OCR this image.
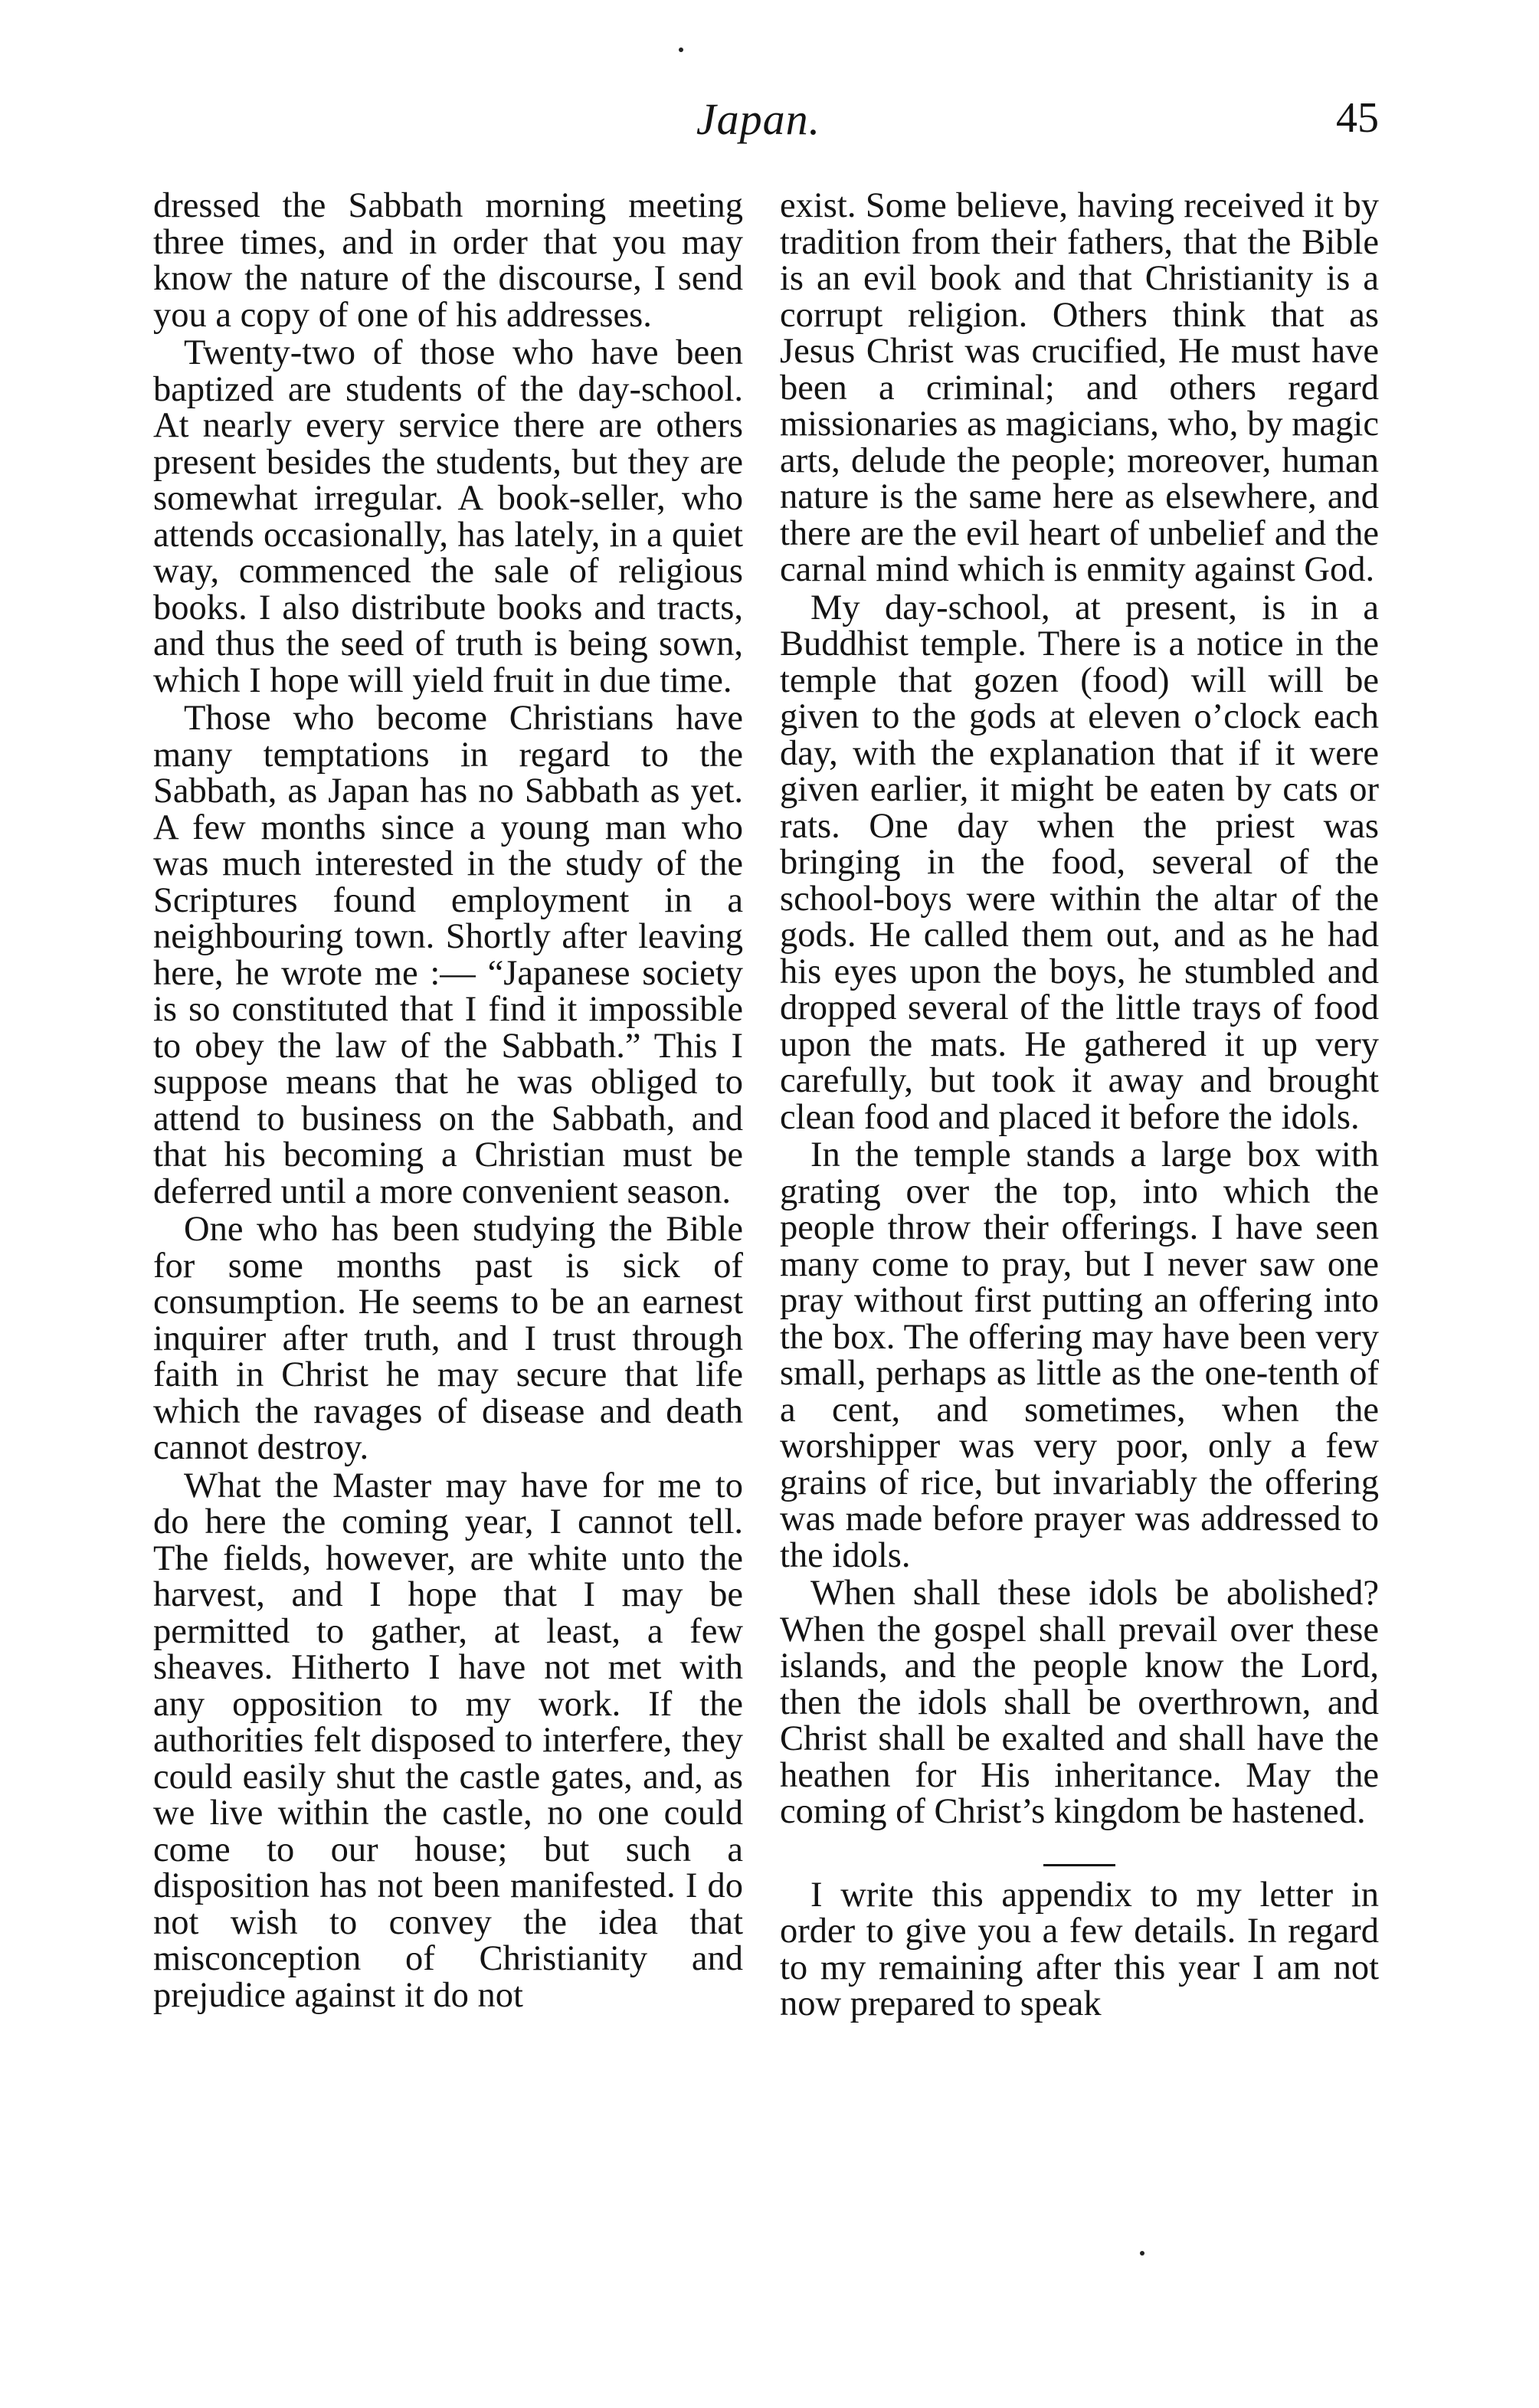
Japan.	45

dressed the Sabbath morning meeting three times, and in order that you may know the nature of the discourse, I send you a copy of one of his addresses.

Twenty-two of those who have been baptized are students of the day-school. At nearly every service there are others present besides the students, but they are somewhat irregular. A book-seller, who attends occasionally, has lately, in a quiet way, commenced the sale of religious books. I also distribute books and tracts, and thus the seed of truth is being sown, which I hope will yield fruit in due time.

Those who become Christians have many temptations in regard to the Sabbath, as Japan has no Sabbath as yet. A few months since a young man who was much interested in the study of the Scriptures found employment in a neighbouring town. Shortly after leaving here, he wrote me :— “Japanese society is so constituted that I find it impossible to obey the law of the Sabbath.” This I suppose means that he was obliged to attend to business on the Sabbath, and that his becoming a Christian must be deferred until a more convenient season.

One who has been studying the Bible for some months past is sick of consumption. He seems to be an earnest inquirer after truth, and I trust through faith in Christ he may secure that life which the ravages of disease and death cannot destroy.

What the Master may have for me to do here the coming year, I cannot tell. The fields, however, are white unto the harvest, and I hope that I may be permitted to gather, at least, a few sheaves. Hitherto I have not met with any opposition to my work. If the authorities felt disposed to interfere, they could easily shut the castle gates, and, as we live within the castle, no one could come to our house; but such a disposition has not been manifested. I do not wish to convey the idea that misconception of Christianity and prejudice against it do not

exist. Some believe, having received it by tradition from their fathers, that the Bible is an evil book and that Christianity is a corrupt religion. Others think that as Jesus Christ was crucified, He must have been a criminal; and others regard missionaries as magicians, who, by magic arts, delude the people; moreover, human nature is the same here as elsewhere, and there are the evil heart of unbelief and the carnal mind which is enmity against God.

My day-school, at present, is in a Buddhist temple. There is a notice in the temple that gozen (food) will will be given to the gods at eleven o’clock each day, with the explanation that if it were given earlier, it might be eaten by cats or rats. One day when the priest was bringing in the food, several of the school-boys were within the altar of the gods. He called them out, and as he had his eyes upon the boys, he stumbled and dropped several of the little trays of food upon the mats. He gathered it up very carefully, but took it away and brought clean food and placed it before the idols.

In the temple stands a large box with grating over the top, into which the people throw their offerings. I have seen many come to pray, but I never saw one pray without first putting an offering into the box. The offering may have been very small, perhaps as little as the one-tenth of a cent, and sometimes, when the worshipper was very poor, only a few grains of rice, but invariably the offering was made before prayer was addressed to the idols.

When shall these idols be abolished? When the gospel shall prevail over these islands, and the people know the Lord, then the idols shall be overthrown, and Christ shall be exalted and shall have the heathen for His inheritance. May the coming of Christ’s kingdom be hastened.

I write this appendix to my letter in order to give you a few details. In regard to my remaining after this year I am not now prepared to speak
